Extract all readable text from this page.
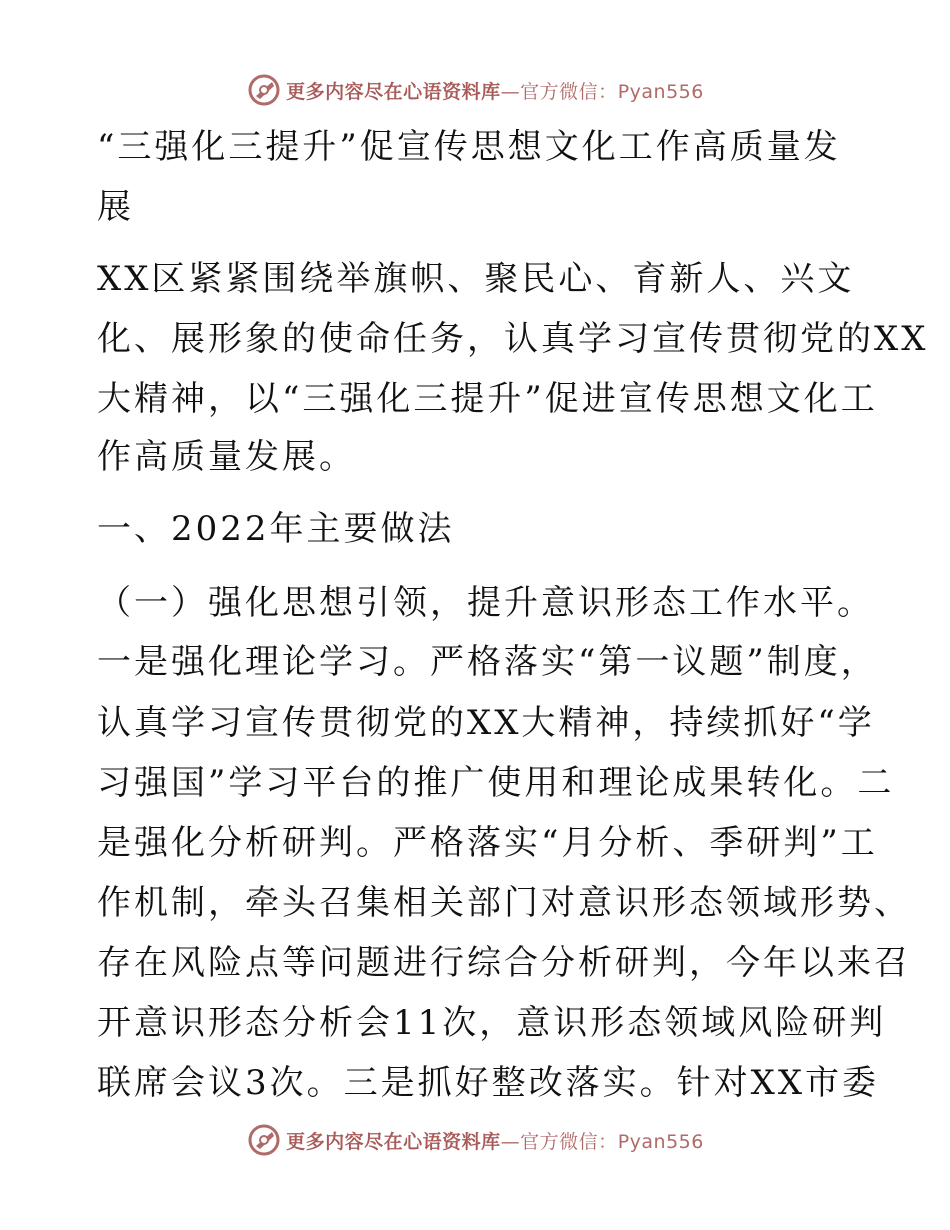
更多内容尽在心语资料库—官方微信：Pyan556
“三强化三提升”促宣传思想文化工作高质量发
展
XX区紧紧围绕举旗帜、聚民心、育新人、兴文
化、展形象的使命任务，认真学习宣传贯彻党的XX
大精神，以“三强化三提升”促进宣传思想文化工
作高质量发展。
一、2022年主要做法
（一）强化思想引领，提升意识形态工作水平。
一是强化理论学习。严格落实“第一议题”制度，
认真学习宣传贯彻党的XX大精神，持续抓好“学
习强国”学习平台的推广使用和理论成果转化。二
是强化分析研判。严格落实“月分析、季研判”工
作机制，牵头召集相关部门对意识形态领域形势、
存在风险点等问题进行综合分析研判，今年以来召
开意识形态分析会11次，意识形态领域风险研判
联席会议3次。三是抓好整改落实。针对XX市委
更多内容尽在心语资料库—官方微信：Pyan556
